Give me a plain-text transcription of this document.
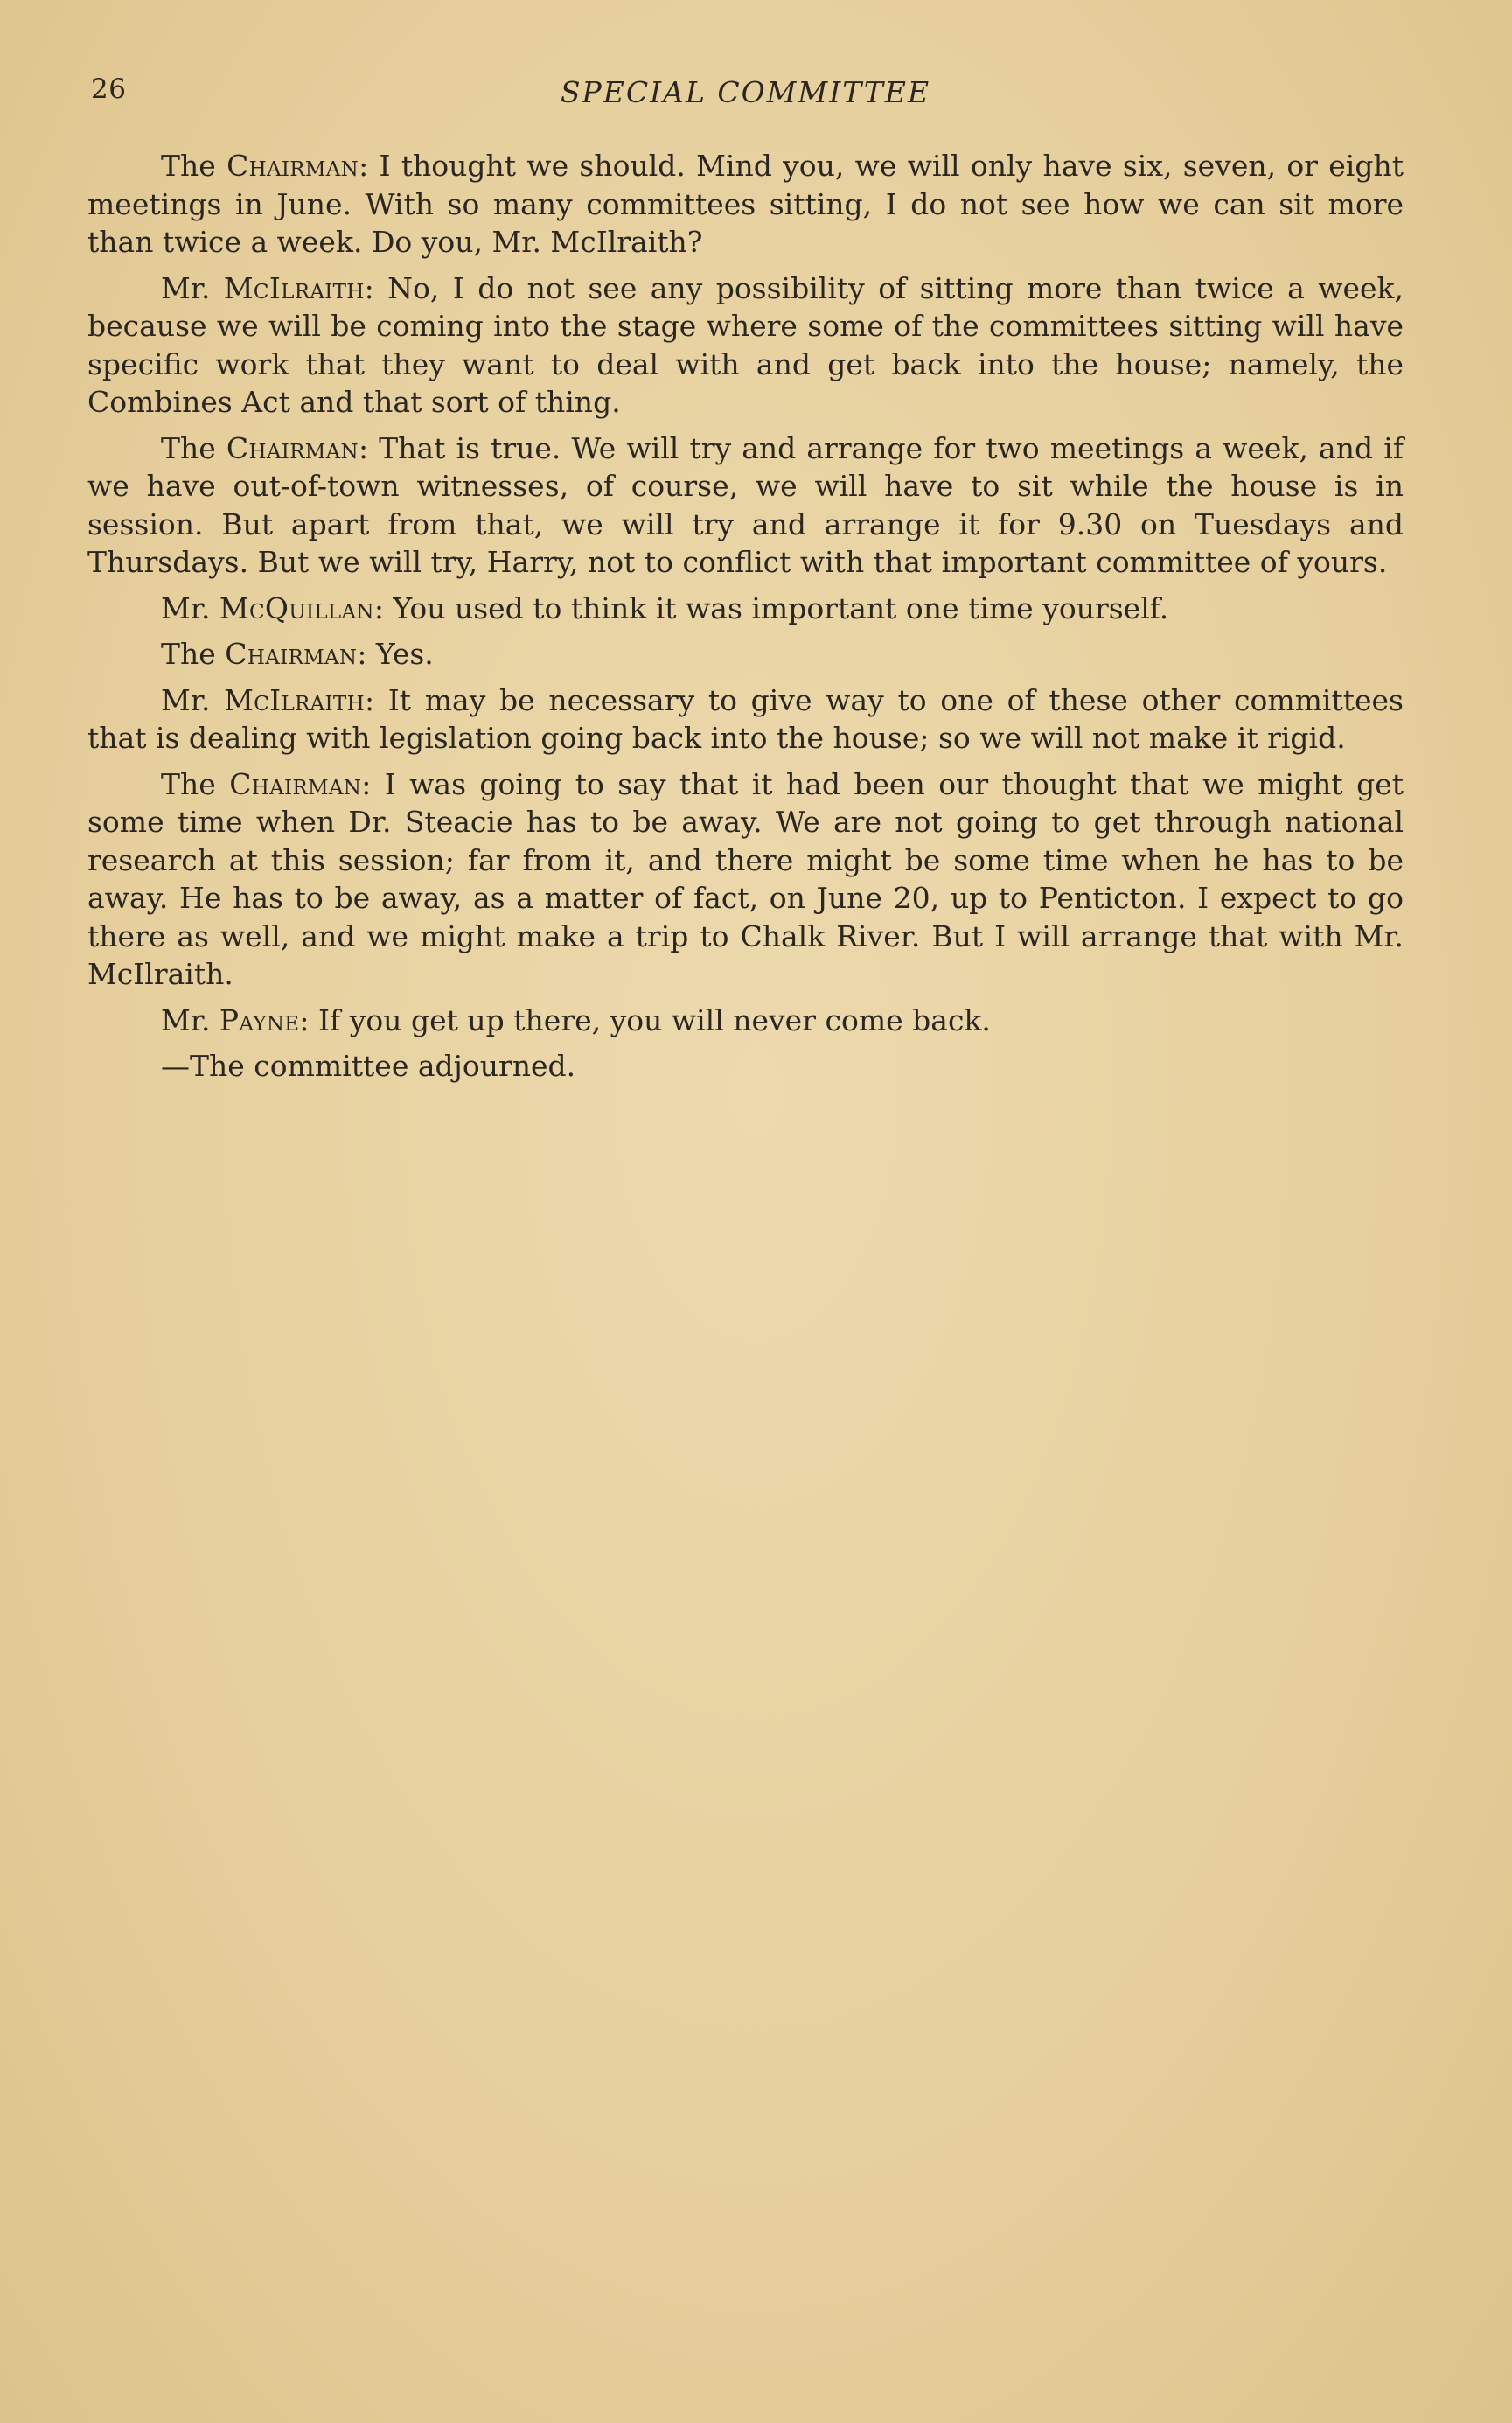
26	SPECIAL COMMITTEE

The Chairman: I thought we should. Mind you, we will only have six, seven, or eight meetings in June. With so many committees sitting, I do not see how we can sit more than twice a week. Do you, Mr. McIlraith?

Mr. McIlraith: No, I do not see any possibility of sitting more than twice a week, because we will be coming into the stage where some of the committees sitting will have specific work that they want to deal with and get back into the house; namely, the Combines Act and that sort of thing.

The Chairman: That is true. We will try and arrange for two meetings a week, and if we have out-of-town witnesses, of course, we will have to sit while the house is in session. But apart from that, we will try and arrange it for 9.30 on Tuesdays and Thursdays. But we will try, Harry, not to conflict with that important committee of yours.

Mr. McQuillan: You used to think it was important one time yourself.

The Chairman: Yes.

Mr. McIlraith: It may be necessary to give way to one of these other committees that is dealing with legislation going back into the house; so we will not make it rigid.

The Chairman: I was going to say that it had been our thought that we might get some time when Dr. Steacie has to be away. We are not going to get through national research at this session; far from it, and there might be some time when he has to be away. He has to be away, as a matter of fact, on June 20, up to Penticton. I expect to go there as well, and we might make a trip to Chalk River. But I will arrange that with Mr. McIlraith.

Mr. Payne: If you get up there, you will never come back.

—The committee adjourned.
